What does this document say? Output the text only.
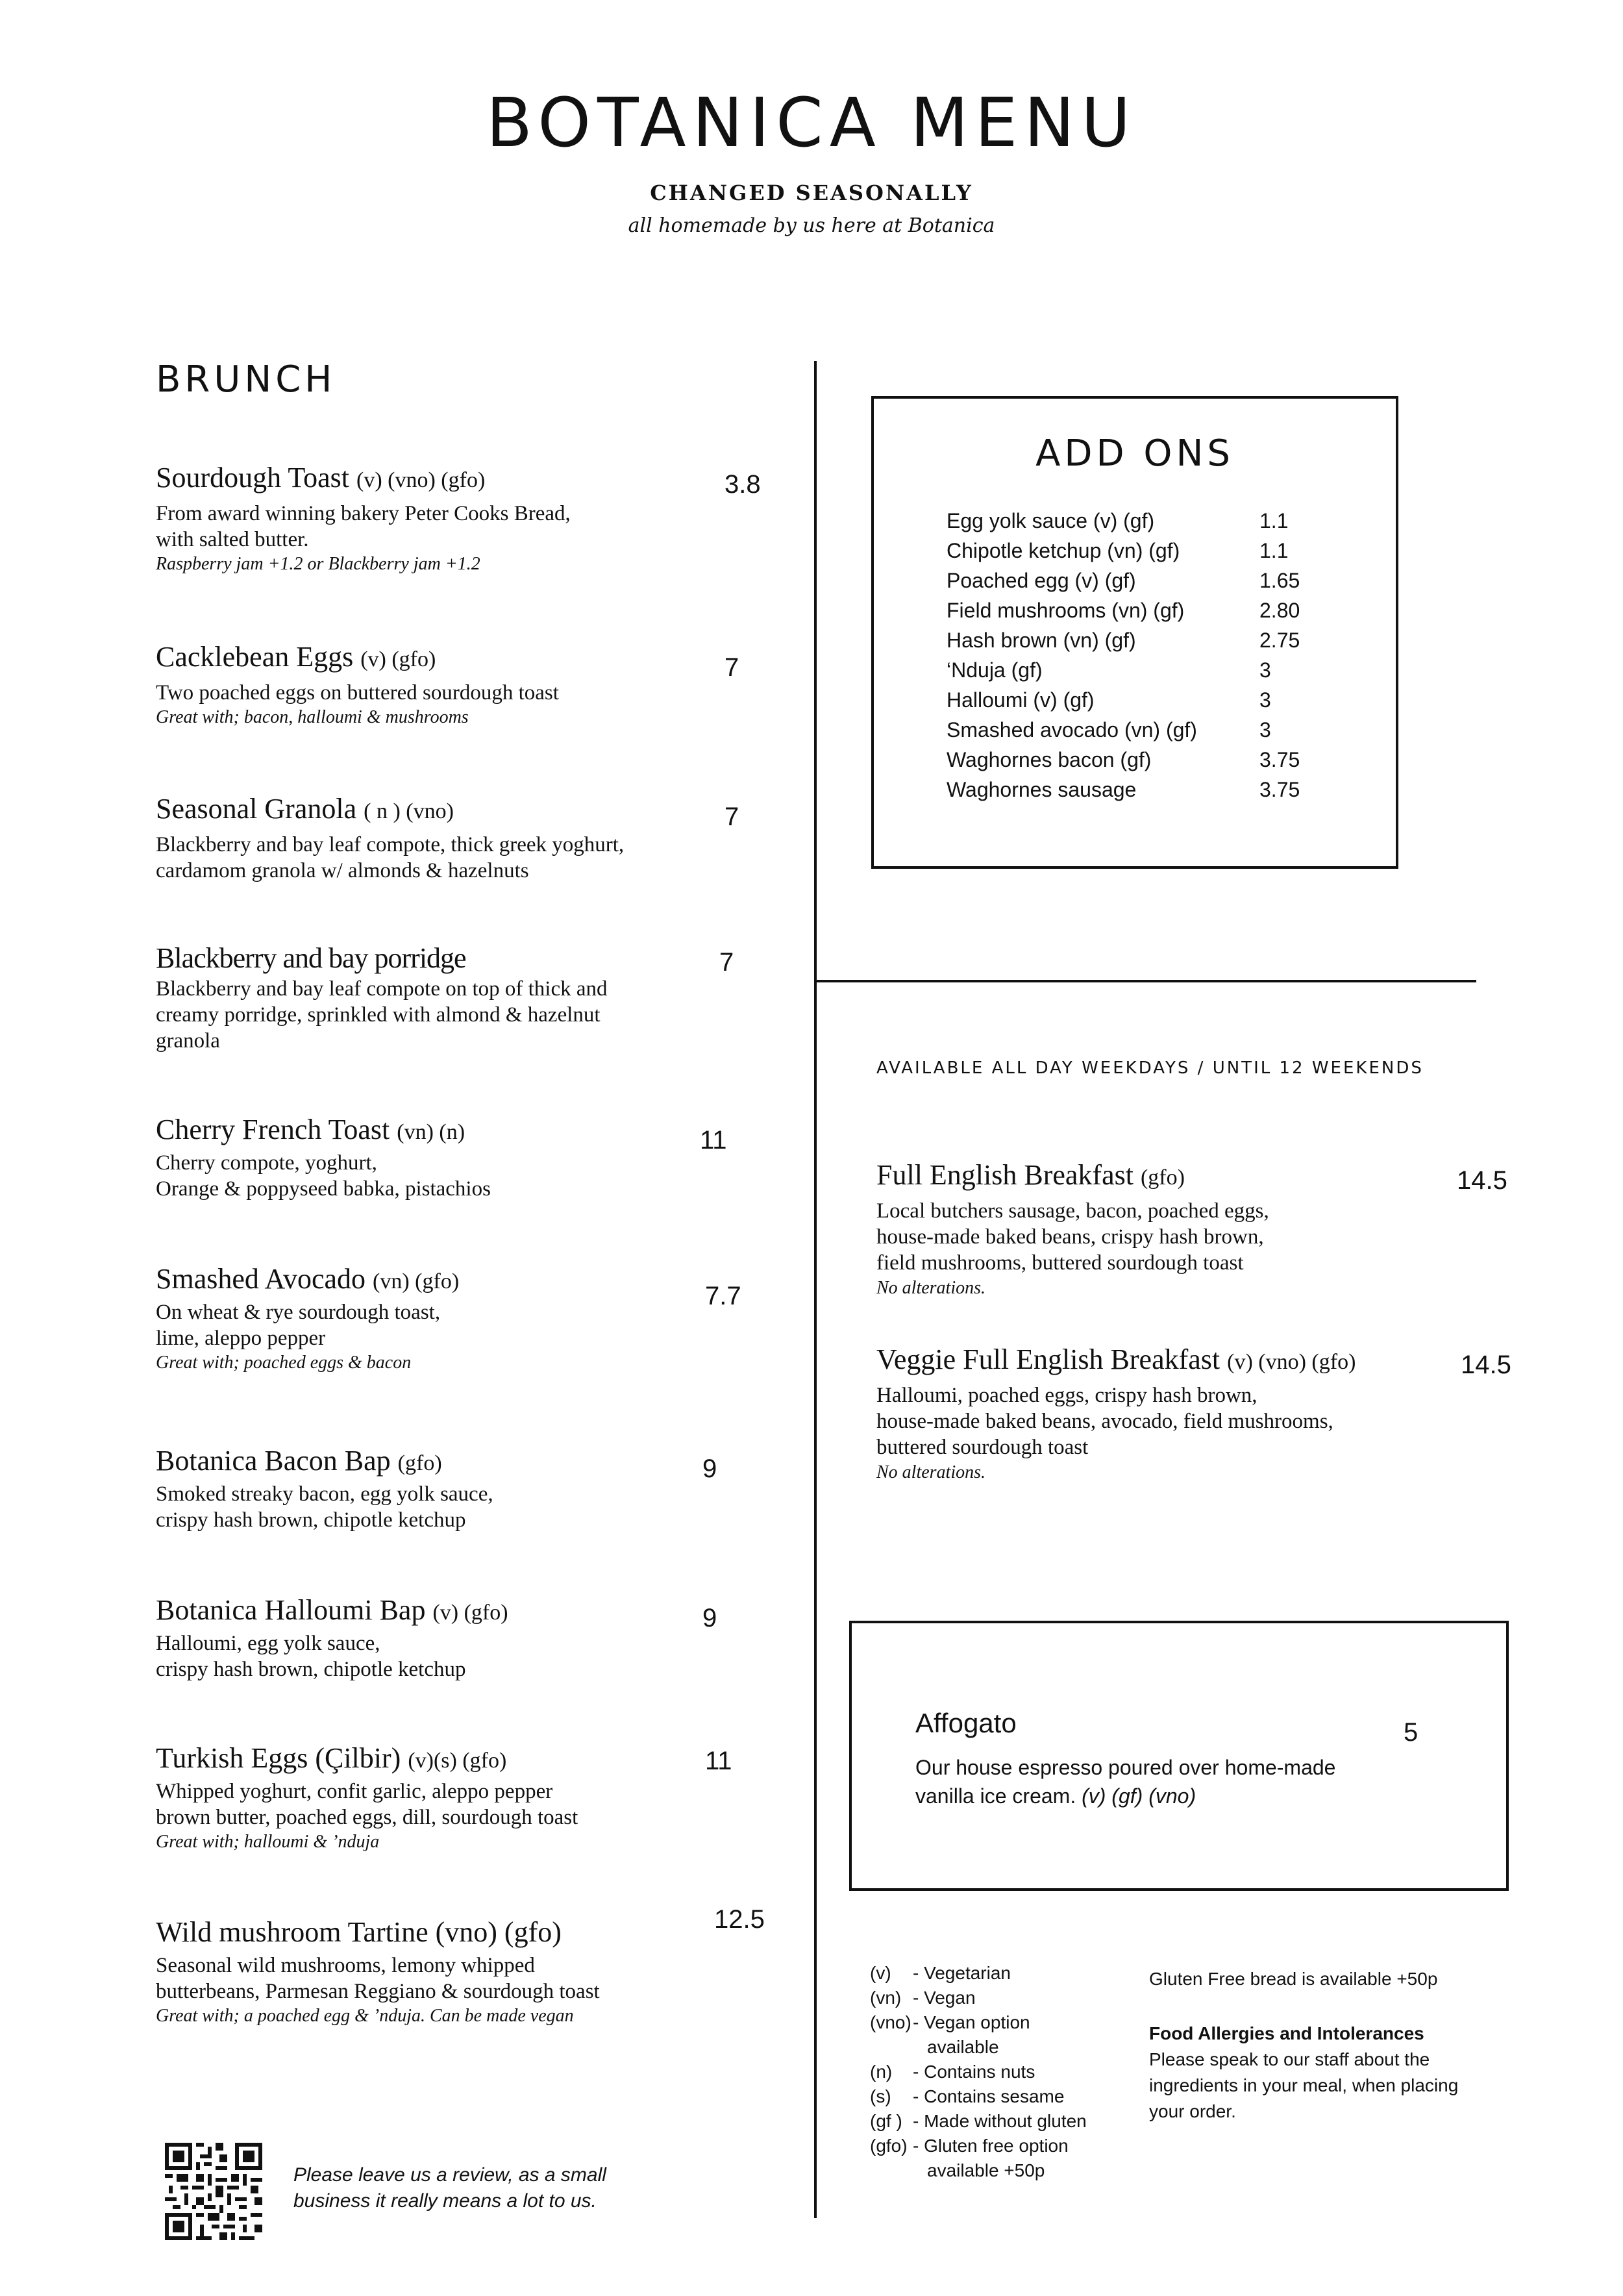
BOTANICA MENU
CHANGED SEASONALLY
all homemade by us here at Botanica
BRUNCH
Sourdough Toast (v) (vno) (gfo)
From award winning bakery Peter Cooks Bread,
with salted butter.
Raspberry jam +1.2 or Blackberry jam +1.2
3.8
Cacklebean Eggs (v) (gfo)
Two poached eggs on buttered sourdough toast
Great with; bacon, halloumi & mushrooms
7
Seasonal Granola ( n ) (vno)
Blackberry and bay leaf compote, thick greek yoghurt,
cardamom granola w/ almonds & hazelnuts
7
Blackberry and bay porridge
Blackberry and bay leaf compote on top of thick and
creamy porridge, sprinkled with almond & hazelnut
granola
7
Cherry French Toast (vn) (n)
Cherry compote, yoghurt,
Orange & poppyseed babka, pistachios
11
Smashed Avocado (vn) (gfo)
On wheat & rye sourdough toast,
lime, aleppo pepper
Great with; poached eggs & bacon
7.7
Botanica Bacon Bap (gfo)
Smoked streaky bacon, egg yolk sauce,
crispy hash brown, chipotle ketchup
9
Botanica Halloumi Bap (v) (gfo)
Halloumi, egg yolk sauce,
crispy hash brown, chipotle ketchup
9
Turkish Eggs (Çilbir) (v)(s) (gfo)
Whipped yoghurt, confit garlic, aleppo pepper
brown butter, poached eggs, dill, sourdough toast
Great with; halloumi & ’nduja
11
Wild mushroom Tartine (vno) (gfo)
Seasonal wild mushrooms, lemony whipped
butterbeans, Parmesan Reggiano & sourdough toast
Great with; a poached egg & ’nduja. Can be made vegan
12.5
ADD ONS
Egg yolk sauce (v) (gf)	1.1
Chipotle ketchup (vn) (gf)	1.1
Poached egg (v) (gf)	1.65
Field mushrooms (vn) (gf)	2.80
Hash brown (vn) (gf)	2.75
‘Nduja (gf)	3
Halloumi (v) (gf)	3
Smashed avocado (vn) (gf)	3
Waghornes bacon (gf)	3.75
Waghornes sausage	3.75
AVAILABLE ALL DAY WEEKDAYS / UNTIL 12 WEEKENDS
Full English Breakfast (gfo)
Local butchers sausage, bacon, poached eggs,
house-made baked beans, crispy hash brown,
field mushrooms, buttered sourdough toast
No alterations.
14.5
Veggie Full English Breakfast (v) (vno) (gfo)
Halloumi, poached eggs, crispy hash brown,
house-made baked beans, avocado, field mushrooms,
buttered sourdough toast
No alterations.
14.5
Affogato	5
Our house espresso poured over home-made
vanilla ice cream. (v) (gf) (vno)
(v) - Vegetarian
(vn) - Vegan
(vno) - Vegan option
available
(n) - Contains nuts
(s) - Contains sesame
(gf ) - Made without gluten
(gfo) - Gluten free option
available +50p
Gluten Free bread is available +50p
Food Allergies and Intolerances
Please speak to our staff about the
ingredients in your meal, when placing
your order.
Please leave us a review, as a small
business it really means a lot to us.
